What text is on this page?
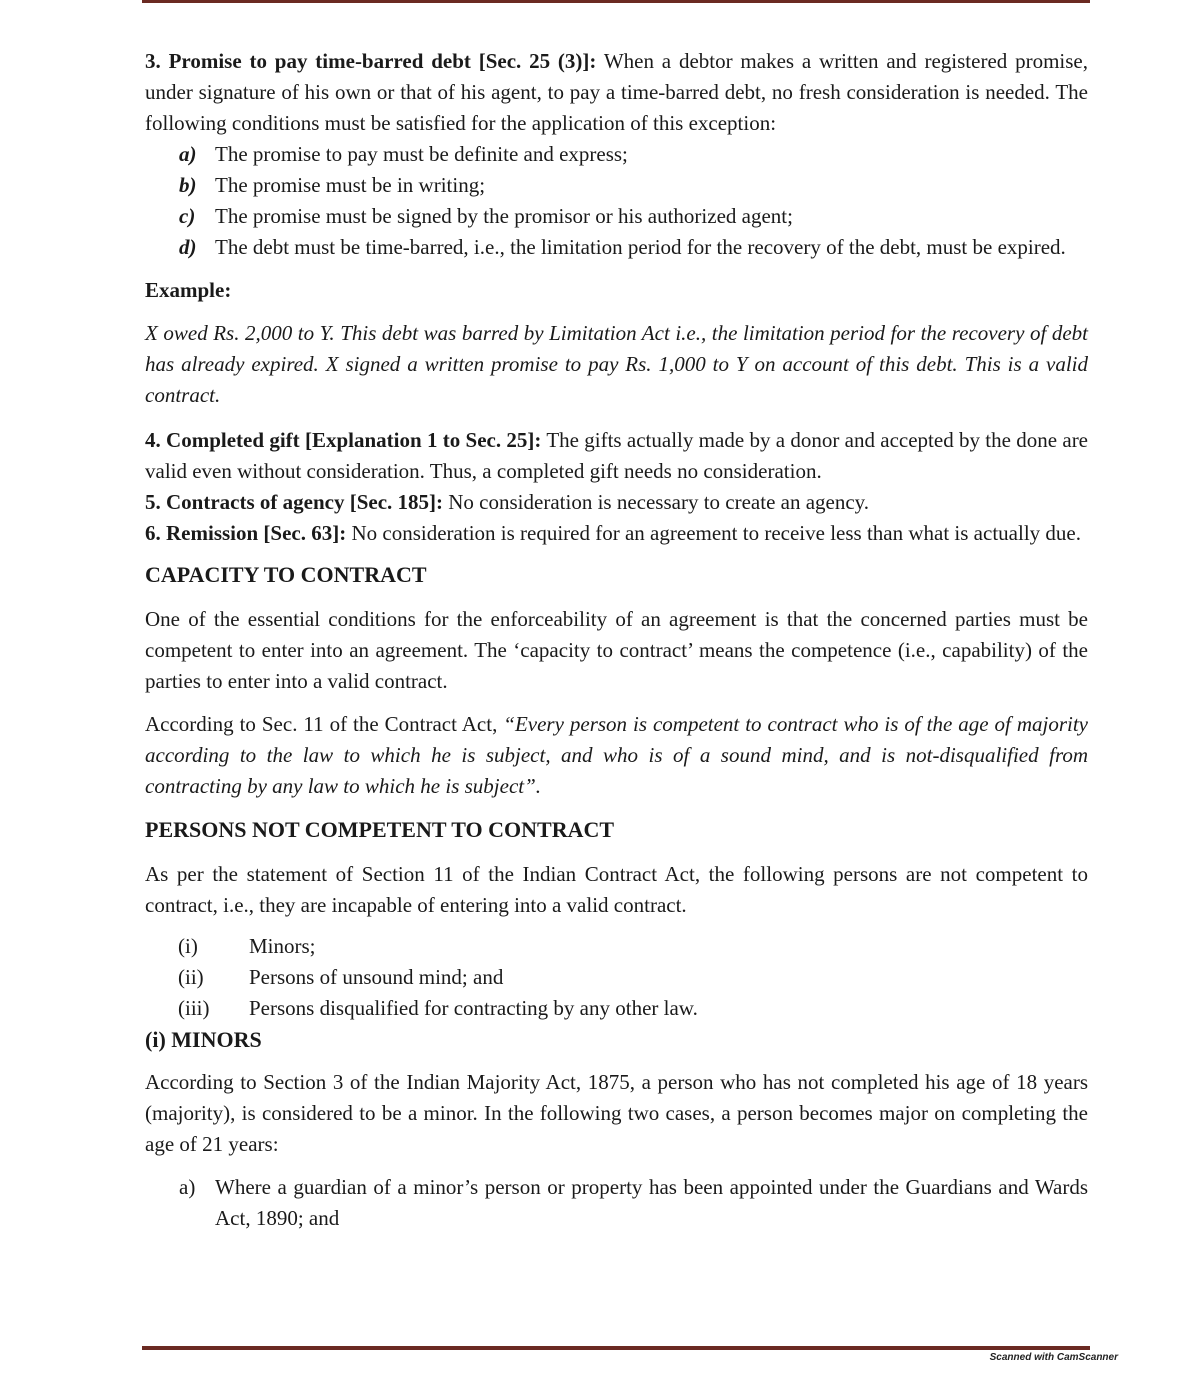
3. Promise to pay time-barred debt [Sec. 25 (3)]: When a debtor makes a written and registered promise, under signature of his own or that of his agent, to pay a time-barred debt, no fresh consideration is needed. The following conditions must be satisfied for the application of this exception:

a) The promise to pay must be definite and express;
b) The promise must be in writing;
c) The promise must be signed by the promisor or his authorized agent;
d) The debt must be time-barred, i.e., the limitation period for the recovery of the debt, must be expired.

Example:

X owed Rs. 2,000 to Y. This debt was barred by Limitation Act i.e., the limitation period for the recovery of debt has already expired. X signed a written promise to pay Rs. 1,000 to Y on account of this debt. This is a valid contract.

4. Completed gift [Explanation 1 to Sec. 25]: The gifts actually made by a donor and accepted by the done are valid even without consideration. Thus, a completed gift needs no consideration.

5. Contracts of agency [Sec. 185]: No consideration is necessary to create an agency.

6. Remission [Sec. 63]: No consideration is required for an agreement to receive less than what is actually due.

CAPACITY TO CONTRACT

One of the essential conditions for the enforceability of an agreement is that the concerned parties must be competent to enter into an agreement. The ‘capacity to contract’ means the competence (i.e., capability) of the parties to enter into a valid contract.

According to Sec. 11 of the Contract Act, “Every person is competent to contract who is of the age of majority according to the law to which he is subject, and who is of a sound mind, and is not-disqualified from contracting by any law to which he is subject”.

PERSONS NOT COMPETENT TO CONTRACT

As per the statement of Section 11 of the Indian Contract Act, the following persons are not competent to contract, i.e., they are incapable of entering into a valid contract.

(i)	Minors;
(ii)	Persons of unsound mind; and
(iii)	Persons disqualified for contracting by any other law.

(i) MINORS

According to Section 3 of the Indian Majority Act, 1875, a person who has not completed his age of 18 years (majority), is considered to be a minor. In the following two cases, a person becomes major on completing the age of 21 years:

a) Where a guardian of a minor’s person or property has been appointed under the Guardians and Wards Act, 1890; and
Scanned with CamScanner
